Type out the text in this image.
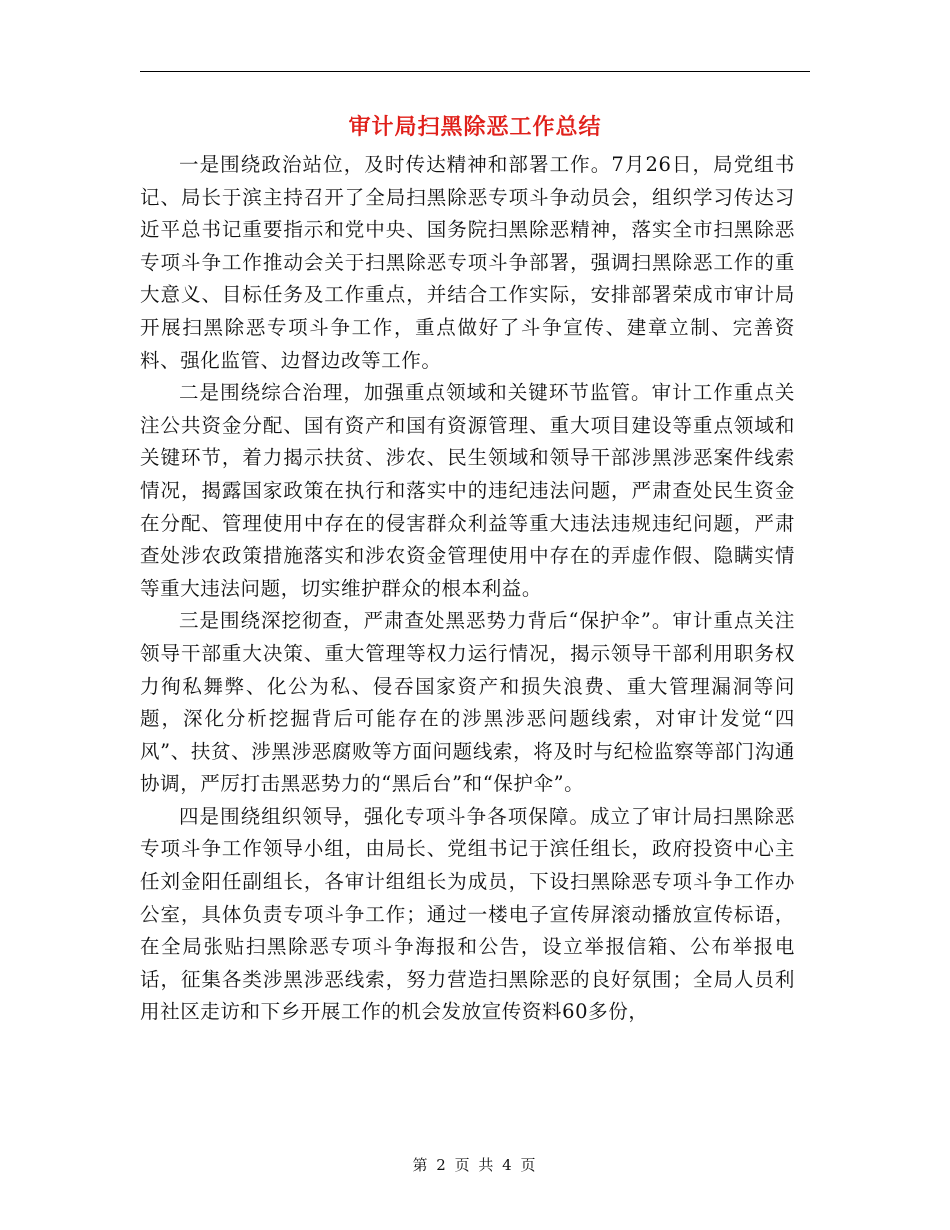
审计局扫黑除恶工作总结

一是围绕政治站位，及时传达精神和部署工作。7月26日，局党组书记、局长于滨主持召开了全局扫黑除恶专项斗争动员会，组织学习传达习近平总书记重要指示和党中央、国务院扫黑除恶精神，落实全市扫黑除恶专项斗争工作推动会关于扫黑除恶专项斗争部署，强调扫黑除恶工作的重大意义、目标任务及工作重点，并结合工作实际，安排部署荣成市审计局开展扫黑除恶专项斗争工作，重点做好了斗争宣传、建章立制、完善资料、强化监管、边督边改等工作。

二是围绕综合治理，加强重点领域和关键环节监管。审计工作重点关注公共资金分配、国有资产和国有资源管理、重大项目建设等重点领域和关键环节，着力揭示扶贫、涉农、民生领域和领导干部涉黑涉恶案件线索情况，揭露国家政策在执行和落实中的违纪违法问题，严肃查处民生资金在分配、管理使用中存在的侵害群众利益等重大违法违规违纪问题，严肃查处涉农政策措施落实和涉农资金管理使用中存在的弄虚作假、隐瞒实情等重大违法问题，切实维护群众的根本利益。

三是围绕深挖彻查，严肃查处黑恶势力背后“保护伞”。审计重点关注领导干部重大决策、重大管理等权力运行情况，揭示领导干部利用职务权力徇私舞弊、化公为私、侵吞国家资产和损失浪费、重大管理漏洞等问题，深化分析挖掘背后可能存在的涉黑涉恶问题线索，对审计发觉“四风”、扶贫、涉黑涉恶腐败等方面问题线索，将及时与纪检监察等部门沟通协调，严厉打击黑恶势力的“黑后台”和“保护伞”。

四是围绕组织领导，强化专项斗争各项保障。成立了审计局扫黑除恶专项斗争工作领导小组，由局长、党组书记于滨任组长，政府投资中心主任刘金阳任副组长，各审计组组长为成员，下设扫黑除恶专项斗争工作办公室，具体负责专项斗争工作；通过一楼电子宣传屏滚动播放宣传标语，在全局张贴扫黑除恶专项斗争海报和公告，设立举报信箱、公布举报电话，征集各类涉黑涉恶线索，努力营造扫黑除恶的良好氛围；全局人员利用社区走访和下乡开展工作的机会发放宣传资料60多份，

第 2 页 共 4 页
